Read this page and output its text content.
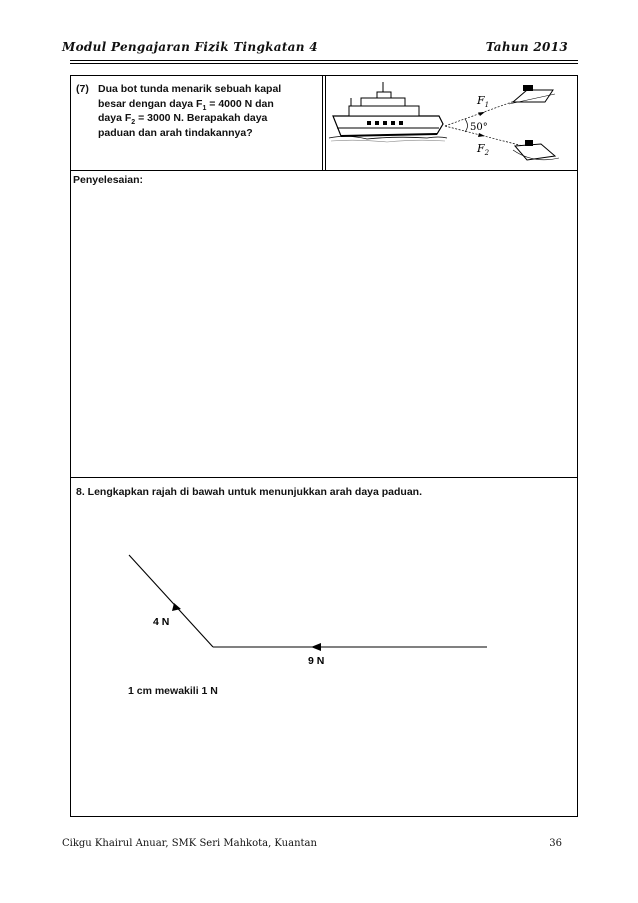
Modul Pengajaran Fizik Tingkatan 4	Tahun 2013
(7) Dua bot tunda menarik sebuah kapal
besar dengan daya $F_1 = 4000$ N dan
daya $F_2 = 3000$ N. Berapakah daya
paduan dan arah tindakannya?
$F_1$
50°
$F_2$
Penyelesaian:
8. Lengkapkan rajah di bawah untuk menunjukkan arah daya paduan.
4 N
9 N
1 cm mewakili 1 N
Cikgu Khairul Anuar, SMK Seri Mahkota, Kuantan	36
